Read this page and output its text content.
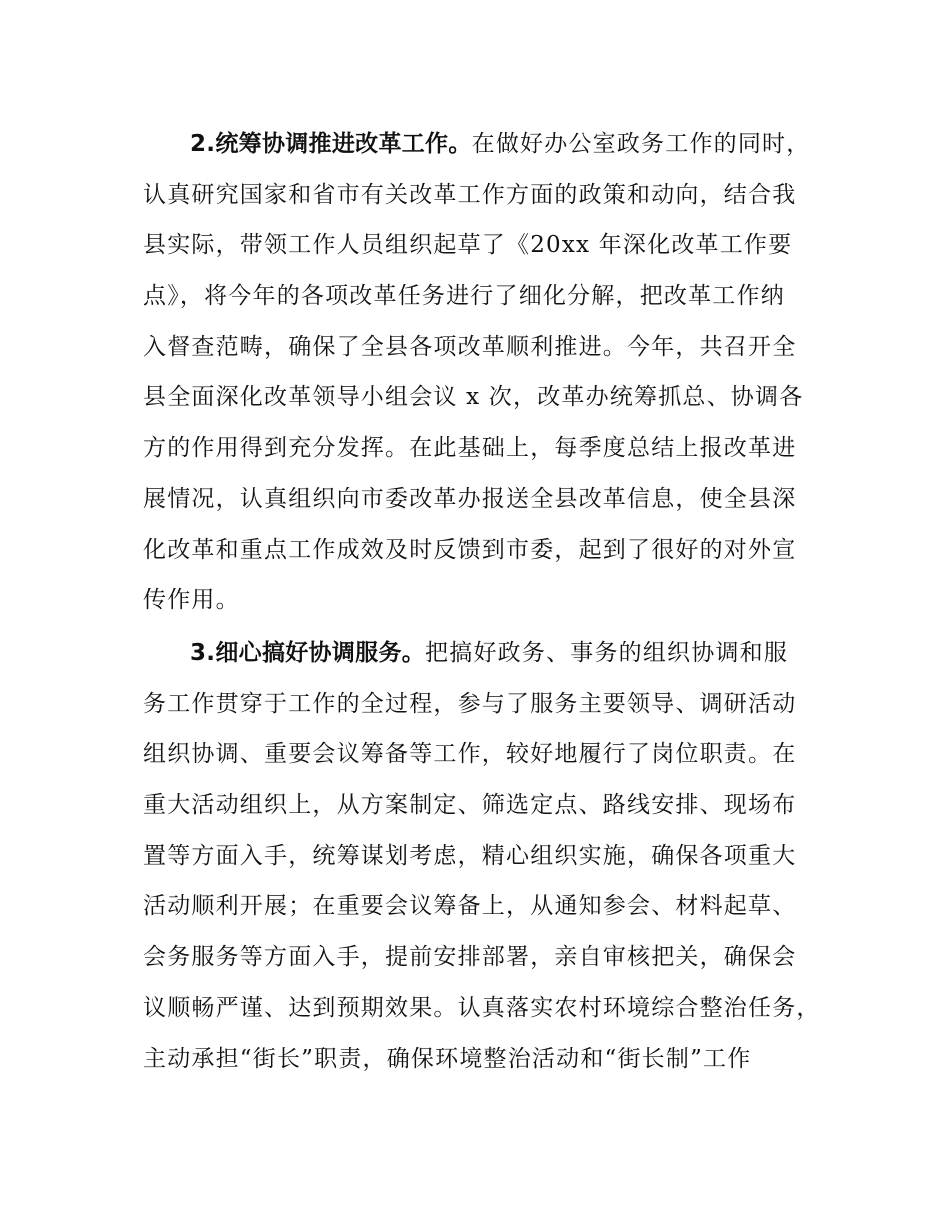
2.统筹协调推进改革工作。在做好办公室政务工作的同时，
认真研究国家和省市有关改革工作方面的政策和动向，结合我
县实际，带领工作人员组织起草了《20xx 年深化改革工作要
点》，将今年的各项改革任务进行了细化分解，把改革工作纳
入督查范畴，确保了全县各项改革顺利推进。今年，共召开全
县全面深化改革领导小组会议 x 次，改革办统筹抓总、协调各
方的作用得到充分发挥。在此基础上，每季度总结上报改革进
展情况，认真组织向市委改革办报送全县改革信息，使全县深
化改革和重点工作成效及时反馈到市委，起到了很好的对外宣
传作用。
3.细心搞好协调服务。把搞好政务、事务的组织协调和服
务工作贯穿于工作的全过程，参与了服务主要领导、调研活动
组织协调、重要会议筹备等工作，较好地履行了岗位职责。在
重大活动组织上，从方案制定、筛选定点、路线安排、现场布
置等方面入手，统筹谋划考虑，精心组织实施，确保各项重大
活动顺利开展；在重要会议筹备上，从通知参会、材料起草、
会务服务等方面入手，提前安排部署，亲自审核把关，确保会
议顺畅严谨、达到预期效果。认真落实农村环境综合整治任务，
主动承担“街长”职责，确保环境整治活动和“街长制”工作
